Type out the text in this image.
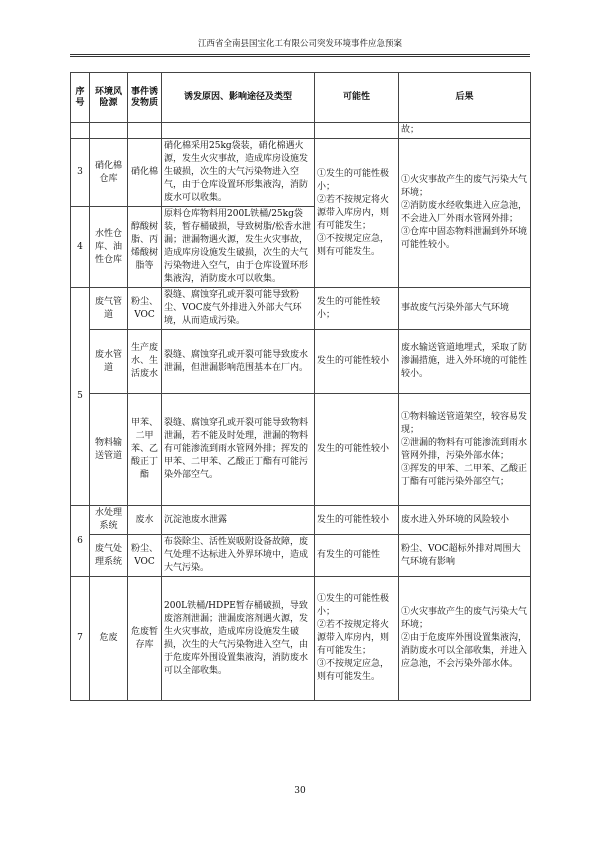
江西省全南县国宝化工有限公司突发环境事件应急预案
序号	环境风险源	事件诱发物质	诱发原因、影响途径及类型	可能性	后果
					故；
3	硝化棉仓库	硝化棉	硝化棉采用25kg袋装，硝化棉遇火源，发生火灾事故，造成库房设施发生破损，次生的大气污染物进入空气，由于仓库设置环形集液沟，消防废水可以收集。	①发生的可能性极小；
②若不按规定将火源带入库房内，则有可能发生；
③不按规定应急，则有可能发生。	①火灾事故产生的废气污染大气环境；
②消防废水经收集进入应急池，不会进入厂外雨水管网外排；
③仓库中固态物料泄漏到外环境可能性较小。
4	水性仓库、油性仓库	醇酸树脂、丙烯酸树脂等	原料仓库物料用200L铁桶/25kg袋装，暂存桶破损，导致树脂/松香水泄漏；泄漏物遇火源，发生火灾事故，造成库房设施发生破损，次生的大气污染物进入空气，由于仓库设置环形集液沟，消防废水可以收集。		
5	废气管道	粉尘、VOC	裂缝、腐蚀穿孔或开裂可能导致粉尘、VOC废气外排进入外部大气环境，从而造成污染。	发生的可能性较小；	事故废气污染外部大气环境
	废水管道	生产废水、生活废水	裂缝、腐蚀穿孔或开裂可能导致废水泄漏，但泄漏影响范围基本在厂内。	发生的可能性较小	废水输送管道地埋式，采取了防渗漏措施，进入外环境的可能性较小。
	物料输送管道	甲苯、二甲苯、乙酸正丁酯	裂缝、腐蚀穿孔或开裂可能导致物料泄漏，若不能及时处理，泄漏的物料有可能渗流到雨水管网外排；挥发的甲苯、二甲苯、乙酸正丁酯有可能污染外部空气。	发生的可能性较小	①物料输送管道架空，较容易发现；
②泄漏的物料有可能渗流到雨水管网外排，污染外部水体；
③挥发的甲苯、二甲苯、乙酸正丁酯有可能污染外部空气；
6	水处理系统	废水	沉淀池废水泄露	发生的可能性较小	废水进入外环境的风险较小
	废气处理系统	粉尘、VOC	布袋除尘、活性炭吸附设备故障，废气处理不达标进入外界环境中，造成大气污染。	有发生的可能性	粉尘、VOC超标外排对周围大气环境有影响
7	危废	危废暂存库	200L铁桶/HDPE暂存桶破损，导致废溶剂泄漏；泄漏废溶剂遇火源，发生火灾事故，造成库房设施发生破损，次生的大气污染物进入空气，由于危废库外围设置集液沟，消防废水可以全部收集。	①发生的可能性极小；
②若不按规定将火源带入库房内，则有可能发生；
③不按规定应急，则有可能发生。	①火灾事故产生的废气污染大气环境；
②由于危废库外围设置集液沟，消防废水可以全部收集，并进入应急池，不会污染外部水体。
30
